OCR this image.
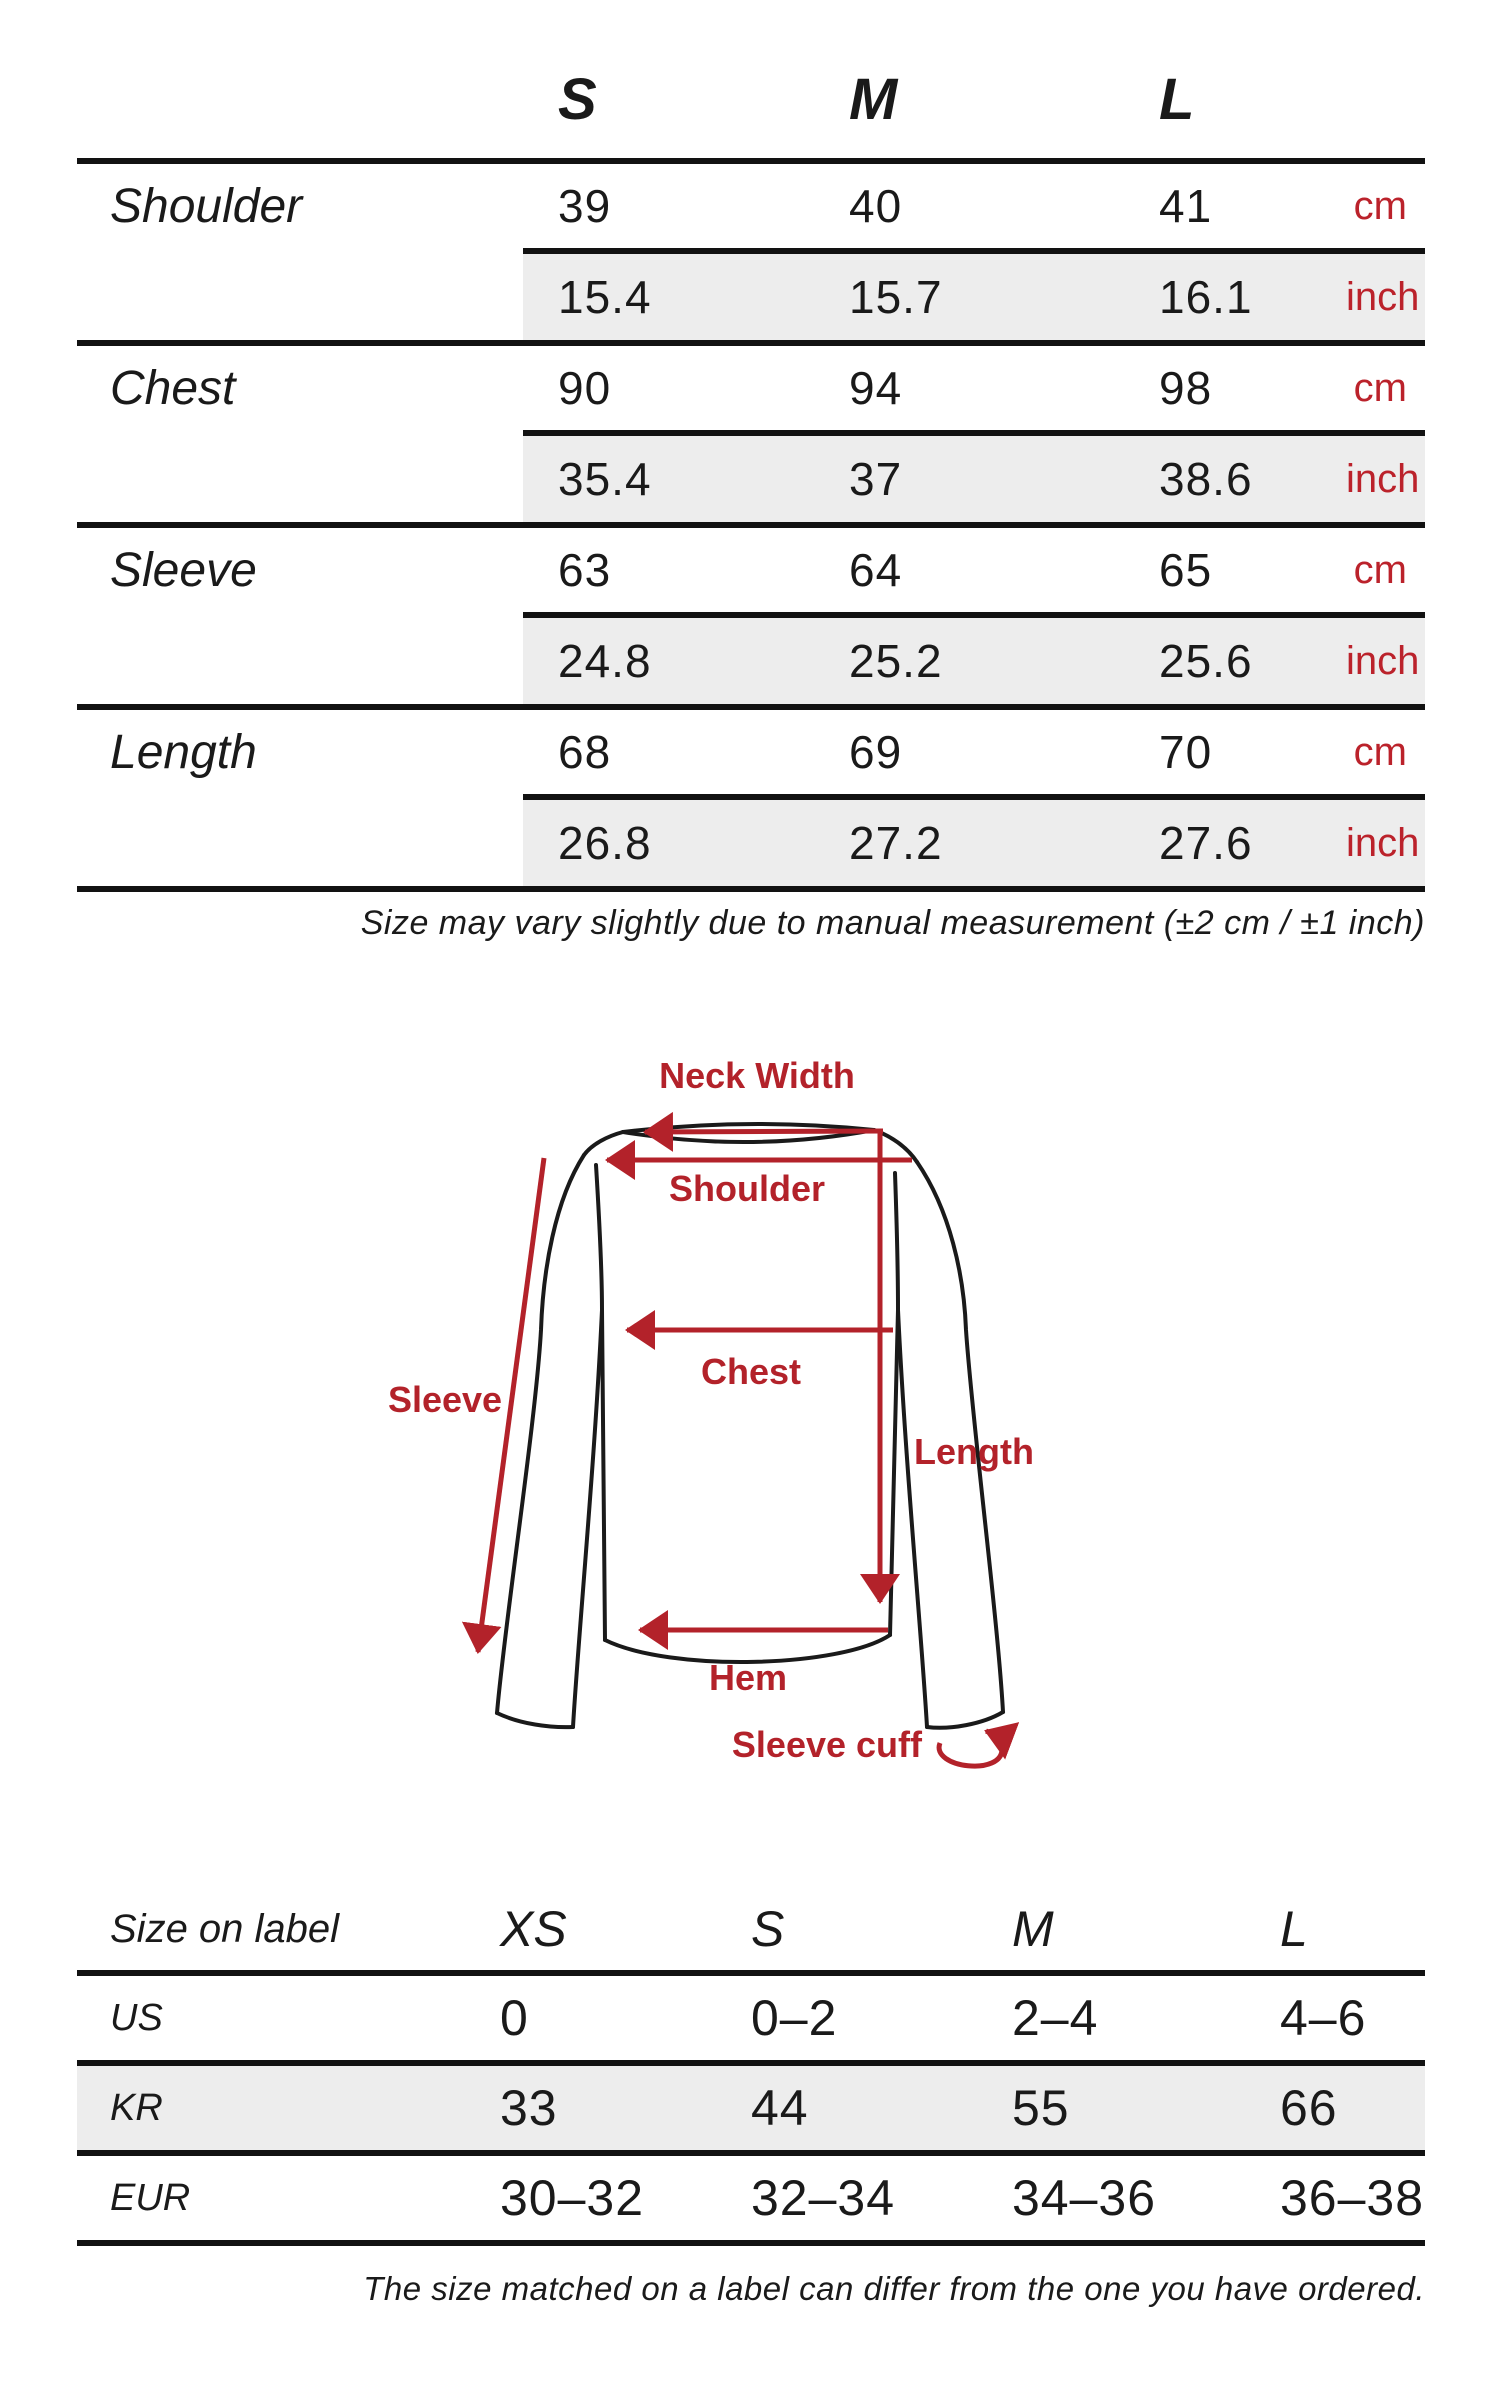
S	M	L
Shoulder	39	40	41	cm
15.4	15.7	16.1	inch
Chest	90	94	98	cm
35.4	37	38.6	inch
Sleeve	63	64	65	cm
24.8	25.2	25.6	inch
Length	68	69	70	cm
26.8	27.2	27.6	inch
Size may vary slightly due to manual measurement (±2 cm / ±1 inch)
Neck Width
Shoulder
Chest
Sleeve
Length
Hem
Sleeve cuff
Size on label	XS	S	M	L
US	0	0–2	2–4	4–6
KR	33	44	55	66
EUR	30–32	32–34	34–36	36–38
The size matched on a label can differ from the one you have ordered.
